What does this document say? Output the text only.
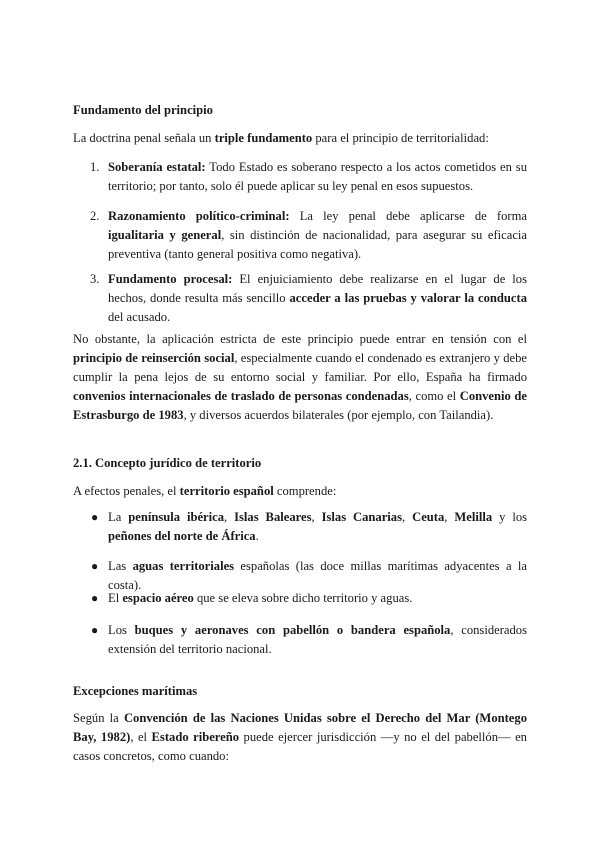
Fundamento del principio
La doctrina penal señala un triple fundamento para el principio de territorialidad:
1. Soberanía estatal: Todo Estado es soberano respecto a los actos cometidos en su territorio; por tanto, solo él puede aplicar su ley penal en esos supuestos.
2. Razonamiento político-criminal: La ley penal debe aplicarse de forma igualitaria y general, sin distinción de nacionalidad, para asegurar su eficacia preventiva (tanto general positiva como negativa).
3. Fundamento procesal: El enjuiciamiento debe realizarse en el lugar de los hechos, donde resulta más sencillo acceder a las pruebas y valorar la conducta del acusado.
No obstante, la aplicación estricta de este principio puede entrar en tensión con el principio de reinserción social, especialmente cuando el condenado es extranjero y debe cumplir la pena lejos de su entorno social y familiar. Por ello, España ha firmado convenios internacionales de traslado de personas condenadas, como el Convenio de Estrasburgo de 1983, y diversos acuerdos bilaterales (por ejemplo, con Tailandia).
2.1. Concepto jurídico de territorio
A efectos penales, el territorio español comprende:
● La península ibérica, Islas Baleares, Islas Canarias, Ceuta, Melilla y los peñones del norte de África.
● Las aguas territoriales españolas (las doce millas marítimas adyacentes a la costa).
● El espacio aéreo que se eleva sobre dicho territorio y aguas.
● Los buques y aeronaves con pabellón o bandera española, considerados extensión del territorio nacional.
Excepciones marítimas
Según la Convención de las Naciones Unidas sobre el Derecho del Mar (Montego Bay, 1982), el Estado ribereño puede ejercer jurisdicción —y no el del pabellón— en casos concretos, como cuando:
